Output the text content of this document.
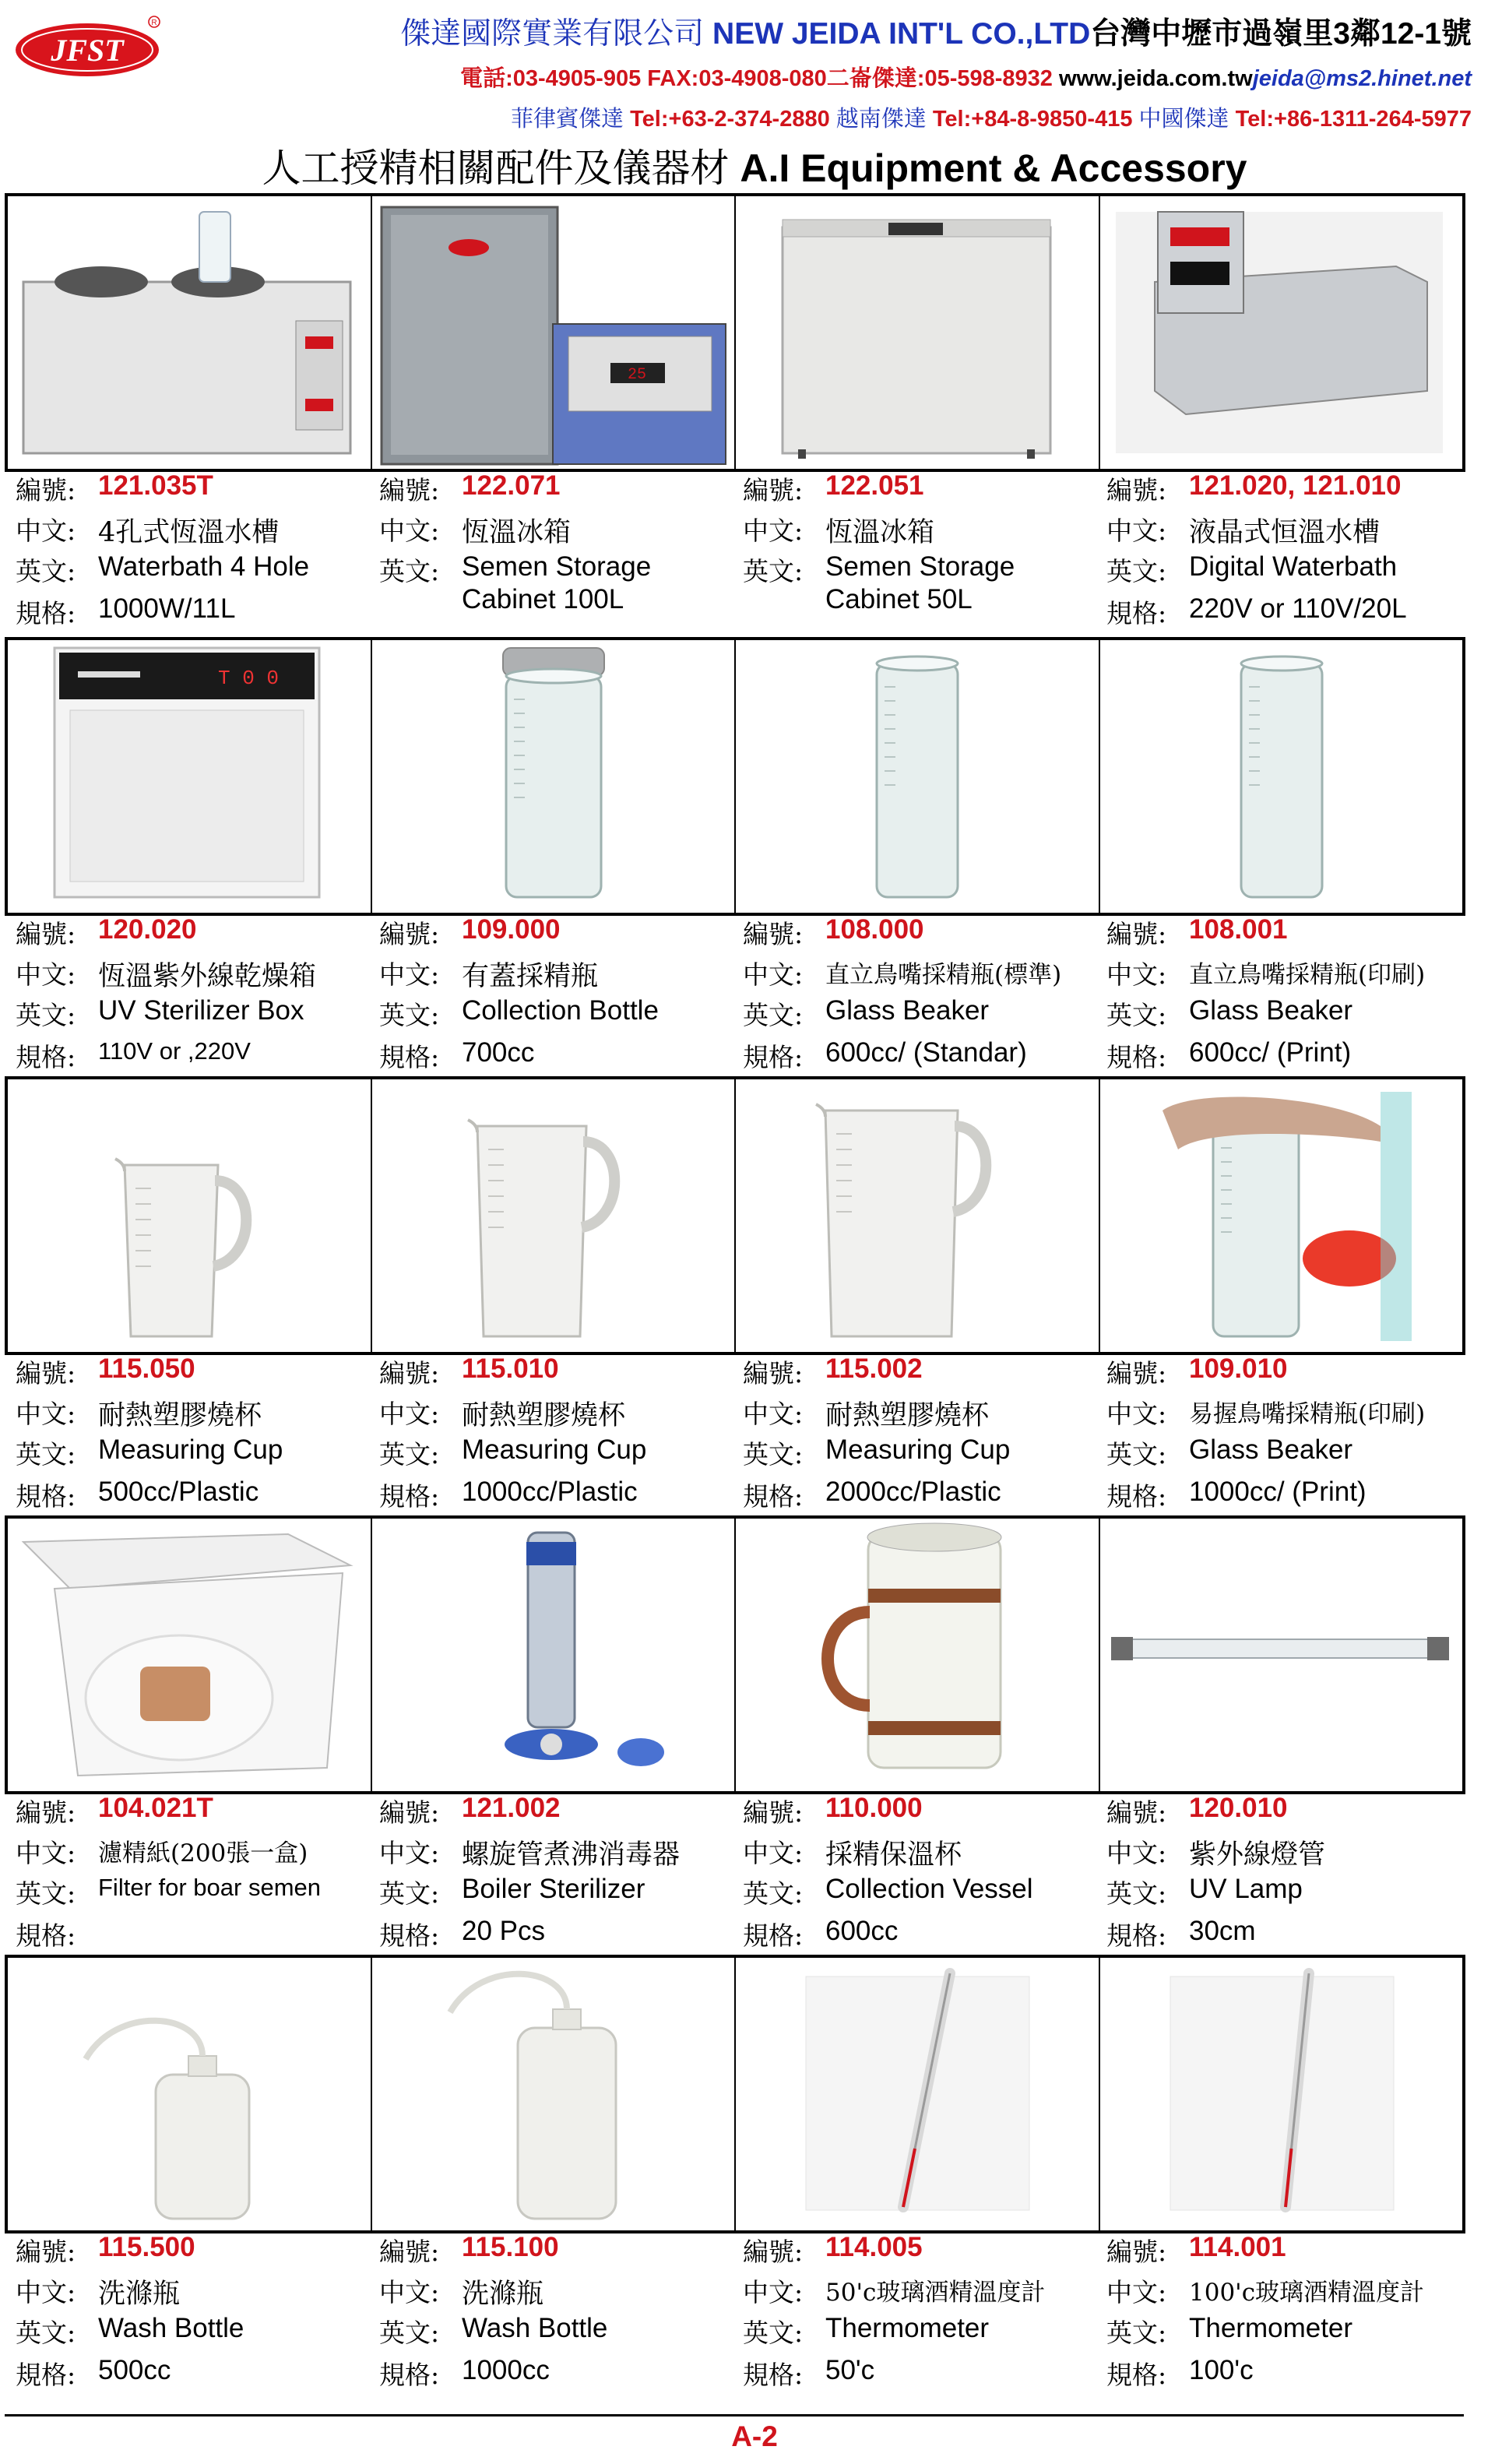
JFST
R	傑達國際實業有限公司 NEW JEIDA INT'L CO.,LTD台灣中壢市過嶺里3鄰12-1號
電話:03-4905-905 FAX:03-4908-080二崙傑達:05-598-8932 www.jeida.com.twjeida@ms2.hinet.net
菲律賓傑達 Tel:+63-2-374-2880 越南傑達 Tel:+84-8-9850-415 中國傑達 Tel:+86-1311-264-5977
人工授精相關配件及儀器材 A.I Equipment & Accessory
25
編號: 121.035T
中文: 4孔式恆溫水槽
英文: Waterbath 4 Hole
規格: 1000W/11L
編號: 122.071
中文: 恆溫冰箱
英文: Semen Storage
Cabinet 100L
編號: 122.051
中文: 恆溫冰箱
英文: Semen Storage
Cabinet 50L
編號: 121.020, 121.010
中文: 液晶式恒溫水槽
英文: Digital Waterbath
規格: 220V or 110V/20L
T 0 0
編號: 120.020
中文: 恆溫紫外線乾燥箱
英文: UV Sterilizer Box
規格: 110V or ,220V
編號: 109.000
中文: 有蓋採精瓶
英文: Collection Bottle
規格: 700cc
編號: 108.000
中文: 直立鳥嘴採精瓶(標準)
英文: Glass Beaker
規格: 600cc/ (Standar)
編號: 108.001
中文: 直立鳥嘴採精瓶(印刷)
英文: Glass Beaker
規格: 600cc/ (Print)
編號: 115.050
中文: 耐熱塑膠燒杯
英文: Measuring Cup
規格: 500cc/Plastic
編號: 115.010
中文: 耐熱塑膠燒杯
英文: Measuring Cup
規格: 1000cc/Plastic
編號: 115.002
中文: 耐熱塑膠燒杯
英文: Measuring Cup
規格: 2000cc/Plastic
編號: 109.010
中文: 易握鳥嘴採精瓶(印刷)
英文: Glass Beaker
規格: 1000cc/ (Print)
編號: 104.021T
中文: 濾精紙(200張一盒)
英文: Filter for boar semen
規格:
編號: 121.002
中文: 螺旋管煮沸消毒器
英文: Boiler Sterilizer
規格: 20 Pcs
編號: 110.000
中文: 採精保溫杯
英文: Collection Vessel
規格: 600cc
編號: 120.010
中文: 紫外線燈管
英文: UV Lamp
規格: 30cm
編號: 115.500
中文: 洗滌瓶
英文: Wash Bottle
規格: 500cc
編號: 115.100
中文: 洗滌瓶
英文: Wash Bottle
規格: 1000cc
編號: 114.005
中文: 50'c玻璃酒精溫度計
英文: Thermometer
規格: 50'c
編號: 114.001
中文: 100'c玻璃酒精溫度計
英文: Thermometer
規格: 100'c
A-2
